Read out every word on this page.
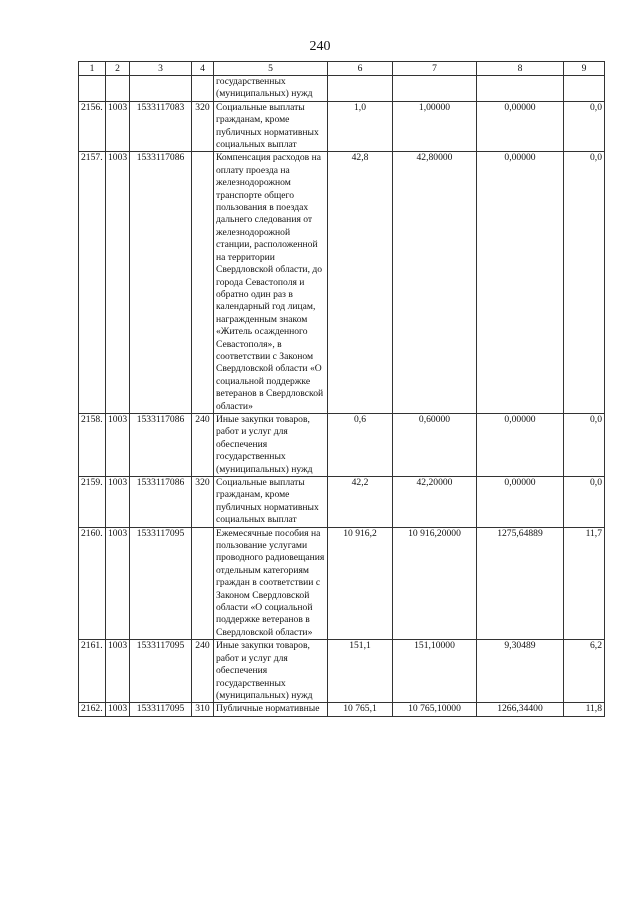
240
1	2	3	4	5	6	7	8	9
				государственных (муниципальных) нужд				
2156.	1003	1533117083	320	Социальные выплаты гражданам, кроме публичных нормативных социальных выплат	1,0	1,00000	0,00000	0,0
2157.	1003	1533117086		Компенсация расходов на оплату проезда на железнодорожном транспорте общего пользования в поездах дальнего следования от железнодорожной станции, расположенной на территории Свердловской области, до города Севастополя и обратно один раз в календарный год лицам, награжденным знаком «Житель осажденного Севастополя», в соответствии с Законом Свердловской области «О социальной поддержке ветеранов в Свердловской области»	42,8	42,80000	0,00000	0,0
2158.	1003	1533117086	240	Иные закупки товаров, работ и услуг для обеспечения государственных (муниципальных) нужд	0,6	0,60000	0,00000	0,0
2159.	1003	1533117086	320	Социальные выплаты гражданам, кроме публичных нормативных социальных выплат	42,2	42,20000	0,00000	0,0
2160.	1003	1533117095		Ежемесячные пособия на пользование услугами проводного радиовещания отдельным категориям граждан в соответствии с Законом Свердловской области «О социальной поддержке ветеранов в Свердловской области»	10 916,2	10 916,20000	1275,64889	11,7
2161.	1003	1533117095	240	Иные закупки товаров, работ и услуг для обеспечения государственных (муниципальных) нужд	151,1	151,10000	9,30489	6,2
2162.	1003	1533117095	310	Публичные нормативные	10 765,1	10 765,10000	1266,34400	11,8
